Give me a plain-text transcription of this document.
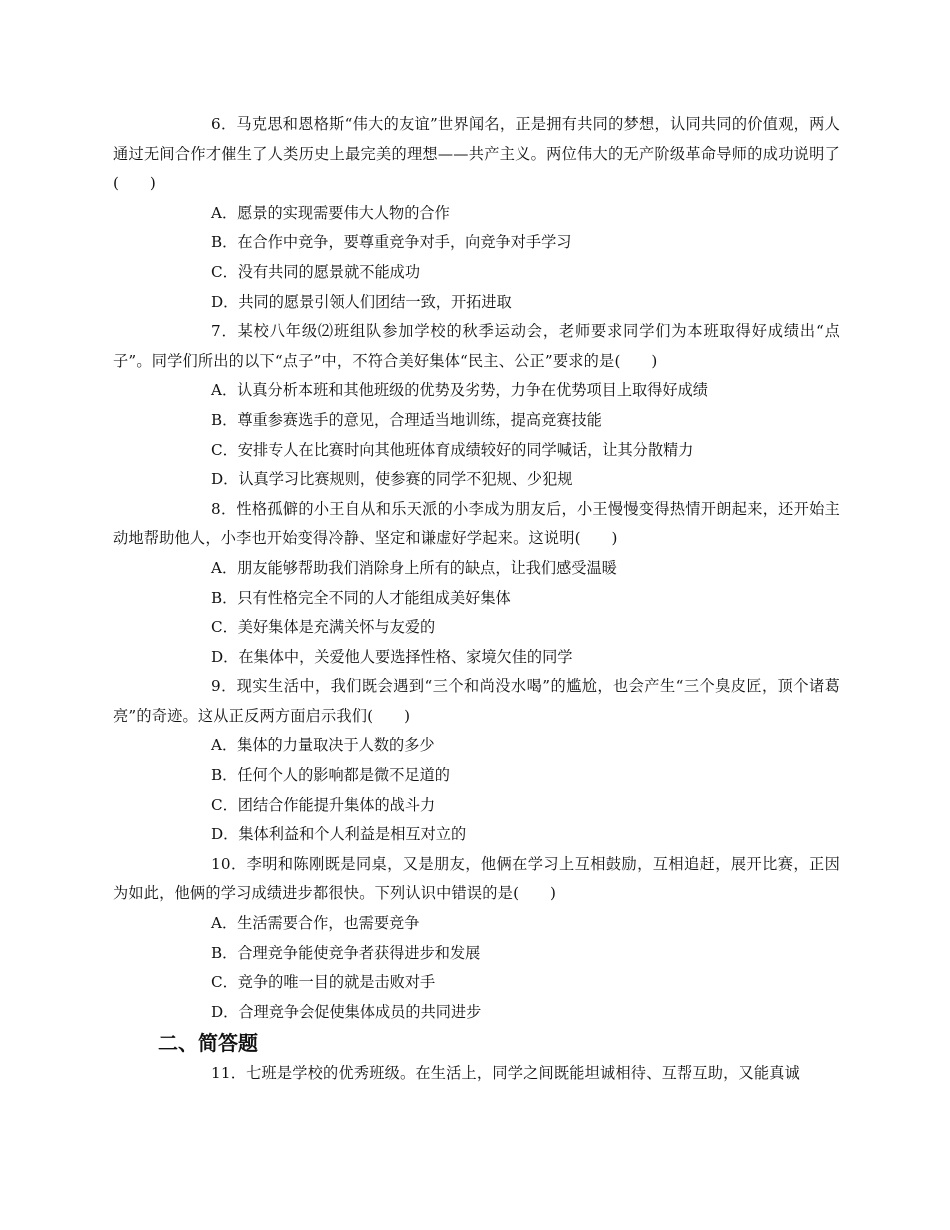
6．马克思和恩格斯“伟大的友谊”世界闻名，正是拥有共同的梦想，认同共同的价值观，两人通过无间合作才催生了人类历史上最完美的理想——共产主义。两位伟大的无产阶级革命导师的成功说明了(　　)

A．愿景的实现需要伟大人物的合作
B．在合作中竞争，要尊重竞争对手，向竞争对手学习
C．没有共同的愿景就不能成功
D．共同的愿景引领人们团结一致，开拓进取

7．某校八年级⑵班组队参加学校的秋季运动会，老师要求同学们为本班取得好成绩出“点子”。同学们所出的以下“点子”中，不符合美好集体“民主、公正”要求的是(　　)

A．认真分析本班和其他班级的优势及劣势，力争在优势项目上取得好成绩
B．尊重参赛选手的意见，合理适当地训练，提高竞赛技能
C．安排专人在比赛时向其他班体育成绩较好的同学喊话，让其分散精力
D．认真学习比赛规则，使参赛的同学不犯规、少犯规

8．性格孤僻的小王自从和乐天派的小李成为朋友后，小王慢慢变得热情开朗起来，还开始主动地帮助他人，小李也开始变得冷静、坚定和谦虚好学起来。这说明(　　)

A．朋友能够帮助我们消除身上所有的缺点，让我们感受温暖
B．只有性格完全不同的人才能组成美好集体
C．美好集体是充满关怀与友爱的
D．在集体中，关爱他人要选择性格、家境欠佳的同学

9．现实生活中，我们既会遇到“三个和尚没水喝”的尴尬，也会产生“三个臭皮匠，顶个诸葛亮”的奇迹。这从正反两方面启示我们(　　)

A．集体的力量取决于人数的多少
B．任何个人的影响都是微不足道的
C．团结合作能提升集体的战斗力
D．集体利益和个人利益是相互对立的

10．李明和陈刚既是同桌，又是朋友，他俩在学习上互相鼓励，互相追赶，展开比赛，正因为如此，他俩的学习成绩进步都很快。下列认识中错误的是(　　)

A．生活需要合作，也需要竞争
B．合理竞争能使竞争者获得进步和发展
C．竞争的唯一目的就是击败对手
D．合理竞争会促使集体成员的共同进步
二、简答题

11．七班是学校的优秀班级。在生活上，同学之间既能坦诚相待、互帮互助，又能真诚
